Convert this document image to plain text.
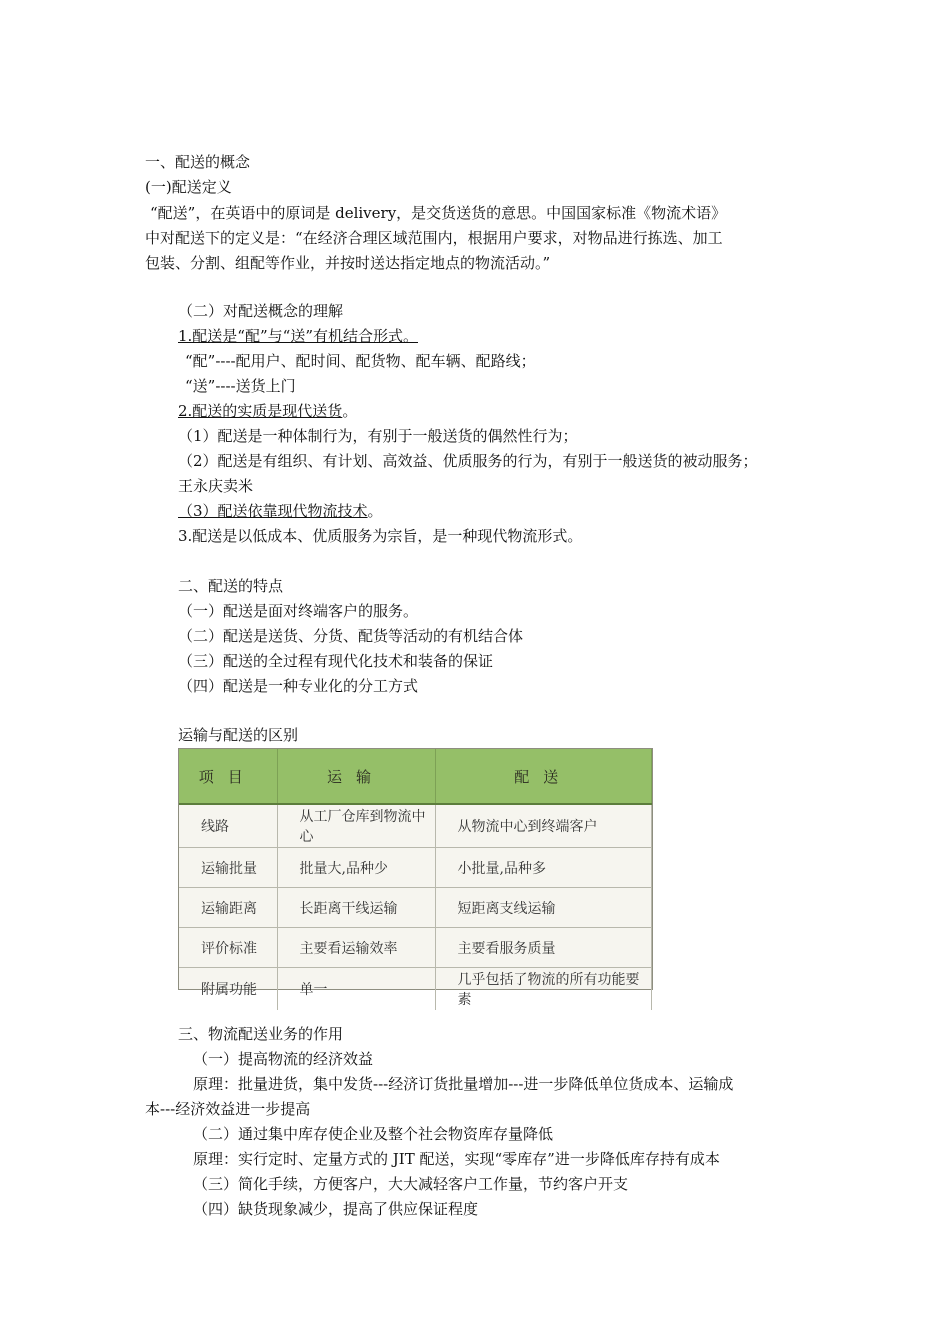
一、配送的概念
(一)配送定义
“配送”，在英语中的原词是 delivery，是交货送货的意思。中国国家标准《物流术语》
中对配送下的定义是：“在经济合理区域范围内，根据用户要求，对物品进行拣选、加工
包装、分割、组配等作业，并按时送达指定地点的物流活动。”
（二）对配送概念的理解
1.配送是“配”与“送”有机结合形式。
“配”----配用户、配时间、配货物、配车辆、配路线；
“送”----送货上门
2.配送的实质是现代送货。
（1）配送是一种体制行为，有别于一般送货的偶然性行为；
（2）配送是有组织、有计划、高效益、优质服务的行为，有别于一般送货的被动服务；
王永庆卖米
（3）配送依靠现代物流技术。
3.配送是以低成本、优质服务为宗旨，是一种现代物流形式。
二、配送的特点
（一）配送是面对终端客户的服务。
（二）配送是送货、分货、配货等活动的有机结合体
（三）配送的全过程有现代化技术和装备的保证
（四）配送是一种专业化的分工方式
运输与配送的区别
项目	运输	配送
线路	从工厂仓库到物流中心	从物流中心到终端客户
运输批量	批量大,品种少	小批量,品种多
运输距离	长距离干线运输	短距离支线运输
评价标准	主要看运输效率	主要看服务质量
附属功能	单一	几乎包括了物流的所有功能要素
三、物流配送业务的作用
（一）提高物流的经济效益
原理：批量进货，集中发货---经济订货批量增加---进一步降低单位货成本、运输成
本---经济效益进一步提高
（二）通过集中库存使企业及整个社会物资库存量降低
原理：实行定时、定量方式的 JIT 配送，实现“零库存”进一步降低库存持有成本
（三）简化手续，方便客户，大大减轻客户工作量，节约客户开支
（四）缺货现象减少，提高了供应保证程度
